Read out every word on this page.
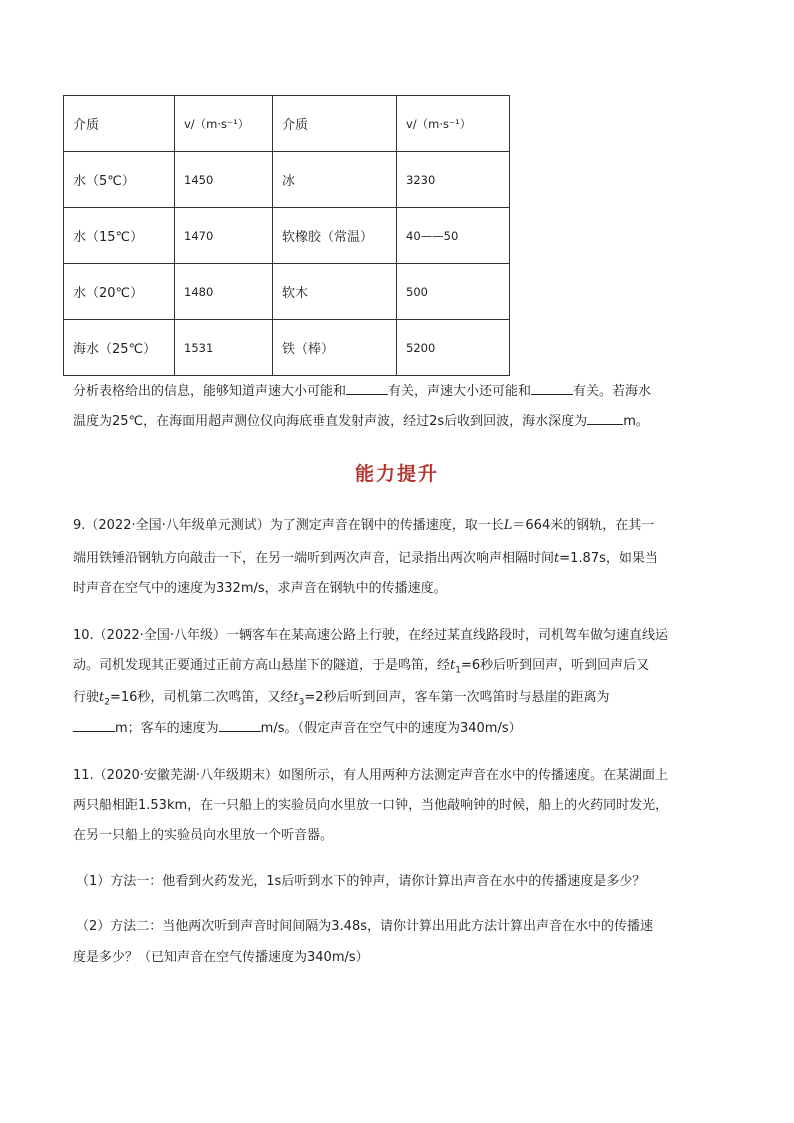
介质	v/（m·s⁻¹）	介质	v/（m·s⁻¹）
水（5℃）	1450	冰	3230
水（15℃）	1470	软橡胶（常温）	40——50
水（20℃）	1480	软木	500
海水（25℃）	1531	铁（棒）	5200
分析表格给出的信息，能够知道声速大小可能和	有关，声速大小还可能和	有关。若海水
温度为25℃，在海面用超声测位仪向海底垂直发射声波，经过2s后收到回波，海水深度为	m。
能力提升
9.（2022·全国·八年级单元测试）为了测定声音在钢中的传播速度，取一长L＝664米的钢轨，在其一
端用铁锤沿钢轨方向敲击一下，在另一端听到两次声音，记录指出两次响声相隔时间t=1.87s，如果当
时声音在空气中的速度为332m/s，求声音在钢轨中的传播速度。
10.（2022·全国·八年级）一辆客车在某高速公路上行驶，在经过某直线路段时，司机驾车做匀速直线运
动。司机发现其正要通过正前方高山悬崖下的隧道，于是鸣笛，经$t_1=6$秒后听到回声，听到回声后又
行驶$t_2=16$秒，司机第二次鸣笛，又经$t_3=2$秒后听到回声，客车第一次鸣笛时与悬崖的距离为
m；客车的速度为	m/s。（假定声音在空气中的速度为340m/s）
11.（2020·安徽芜湖·八年级期末）如图所示，有人用两种方法测定声音在水中的传播速度。在某湖面上
两只船相距1.53km，在一只船上的实验员向水里放一口钟，当他敲响钟的时候，船上的火药同时发光，
在另一只船上的实验员向水里放一个听音器。
（1）方法一：他看到火药发光，1s后听到水下的钟声，请你计算出声音在水中的传播速度是多少？
（2）方法二：当他两次听到声音时间间隔为3.48s，请你计算出用此方法计算出声音在水中的传播速
度是多少？（已知声音在空气传播速度为340m/s）
